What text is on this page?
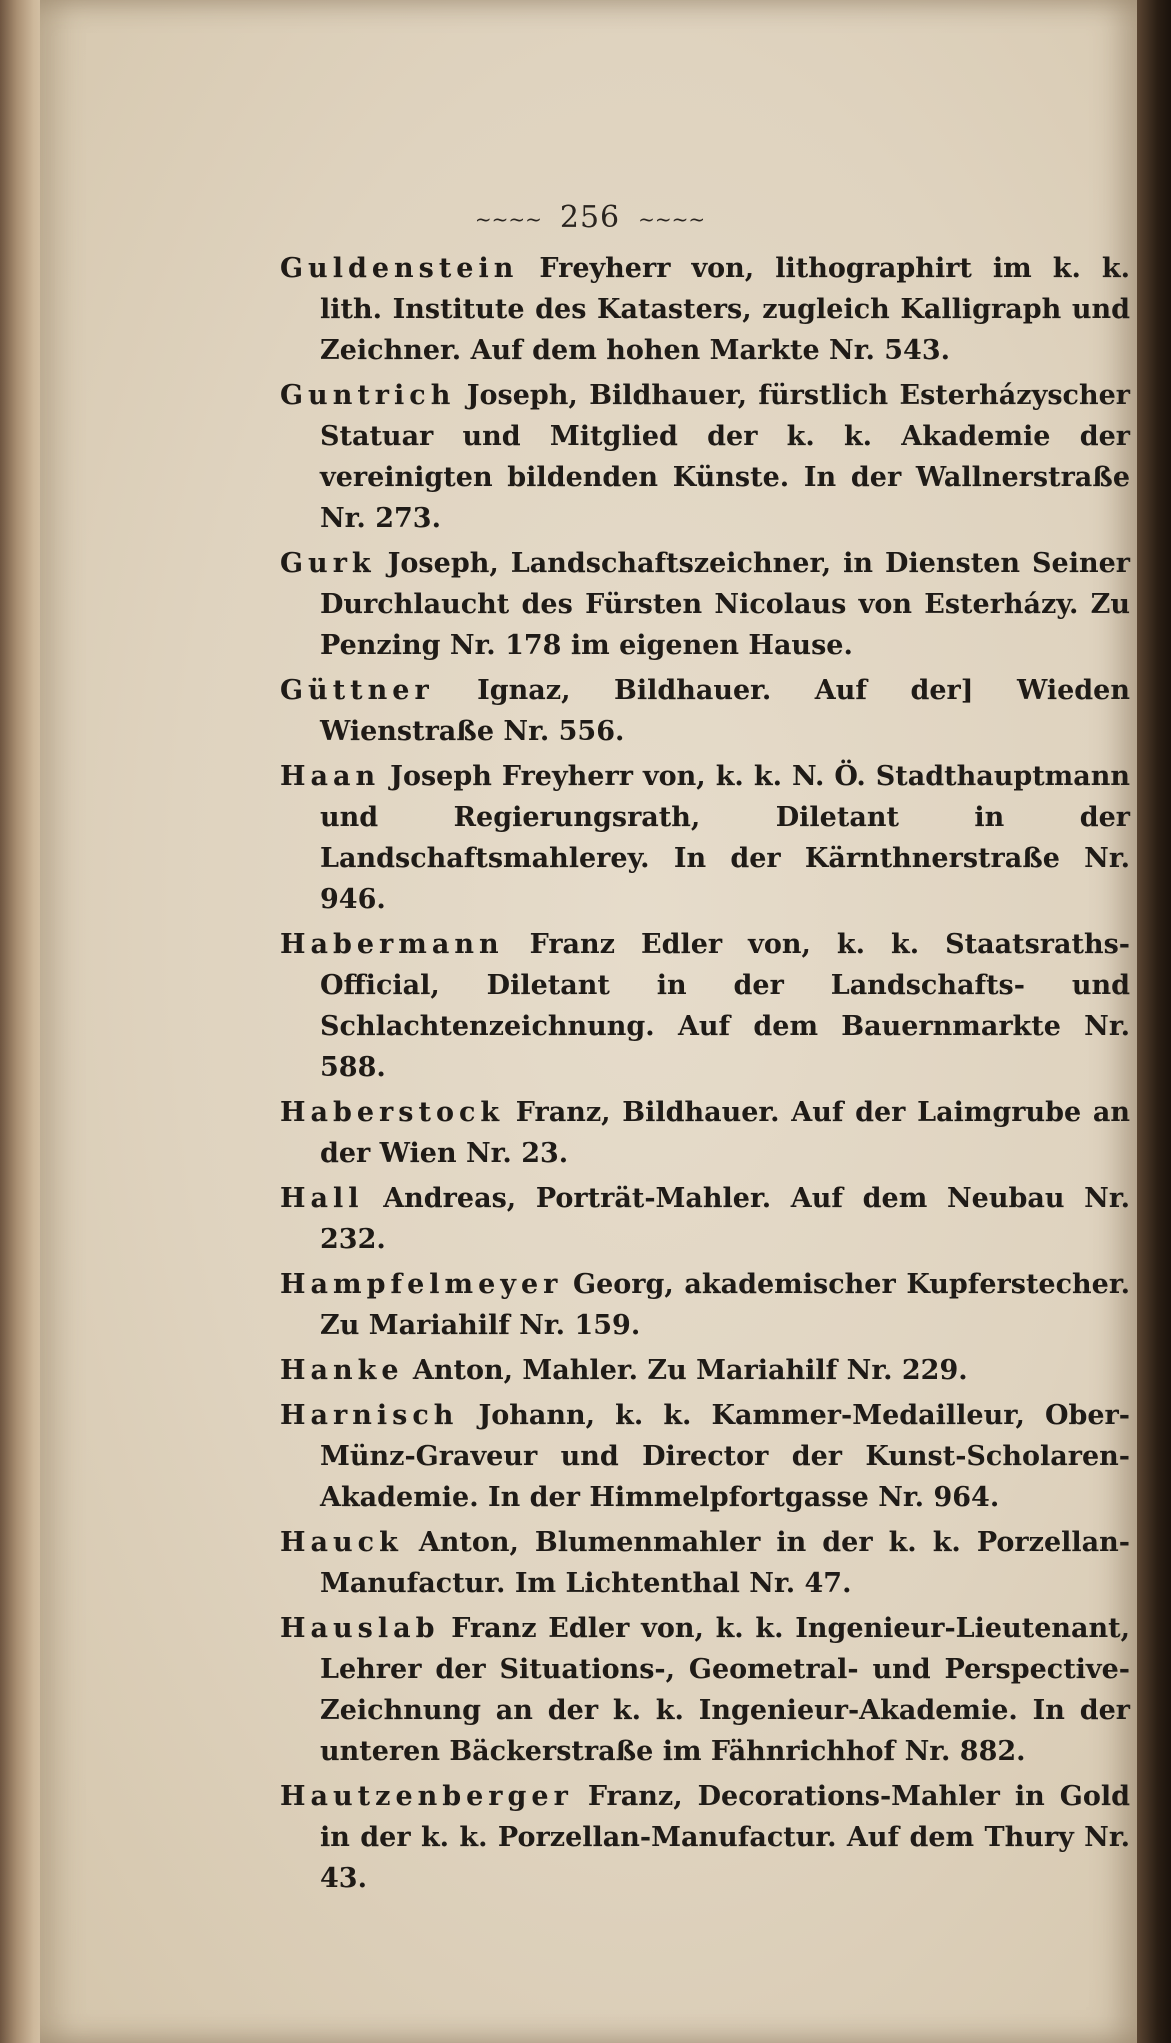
~~~~ 256 ~~~~

Guldenstein Freyherr von, lithographirt im k. k. lith. Institute des Katasters, zugleich Kalligraph und Zeichner. Auf dem hohen Markte Nr. 543.

Guntrich Joseph, Bildhauer, fürstlich Esterházyscher Statuar und Mitglied der k. k. Akademie der vereinigten bildenden Künste. In der Wallnerstraße Nr. 273.

Gurk Joseph, Landschaftszeichner, in Diensten Seiner Durchlaucht des Fürsten Nicolaus von Esterházy. Zu Penzing Nr. 178 im eigenen Hause.

Güttner Ignaz, Bildhauer. Auf der] Wieden Wienstraße Nr. 556.

Haan Joseph Freyherr von, k. k. N. Ö. Stadthauptmann und Regierungsrath, Diletant in der Landschaftsmahlerey. In der Kärnthnerstraße Nr. 946.

Habermann Franz Edler von, k. k. Staatsraths-Official, Diletant in der Landschafts- und Schlachtenzeichnung. Auf dem Bauernmarkte Nr. 588.

Haberstock Franz, Bildhauer. Auf der Laimgrube an der Wien Nr. 23.

Hall Andreas, Porträt-Mahler. Auf dem Neubau Nr. 232.

Hampfelmeyer Georg, akademischer Kupferstecher. Zu Mariahilf Nr. 159.

Hanke Anton, Mahler. Zu Mariahilf Nr. 229.

Harnisch Johann, k. k. Kammer-Medailleur, Ober-Münz-Graveur und Director der Kunst-Scholaren-Akademie. In der Himmelpfortgasse Nr. 964.

Hauck Anton, Blumenmahler in der k. k. Porzellan-Manufactur. Im Lichtenthal Nr. 47.

Hauslab Franz Edler von, k. k. Ingenieur-Lieutenant, Lehrer der Situations-, Geometral- und Perspective-Zeichnung an der k. k. Ingenieur-Akademie. In der unteren Bäckerstraße im Fähnrichhof Nr. 882.

Hautzenberger Franz, Decorations-Mahler in Gold in der k. k. Porzellan-Manufactur. Auf dem Thury Nr. 43.
